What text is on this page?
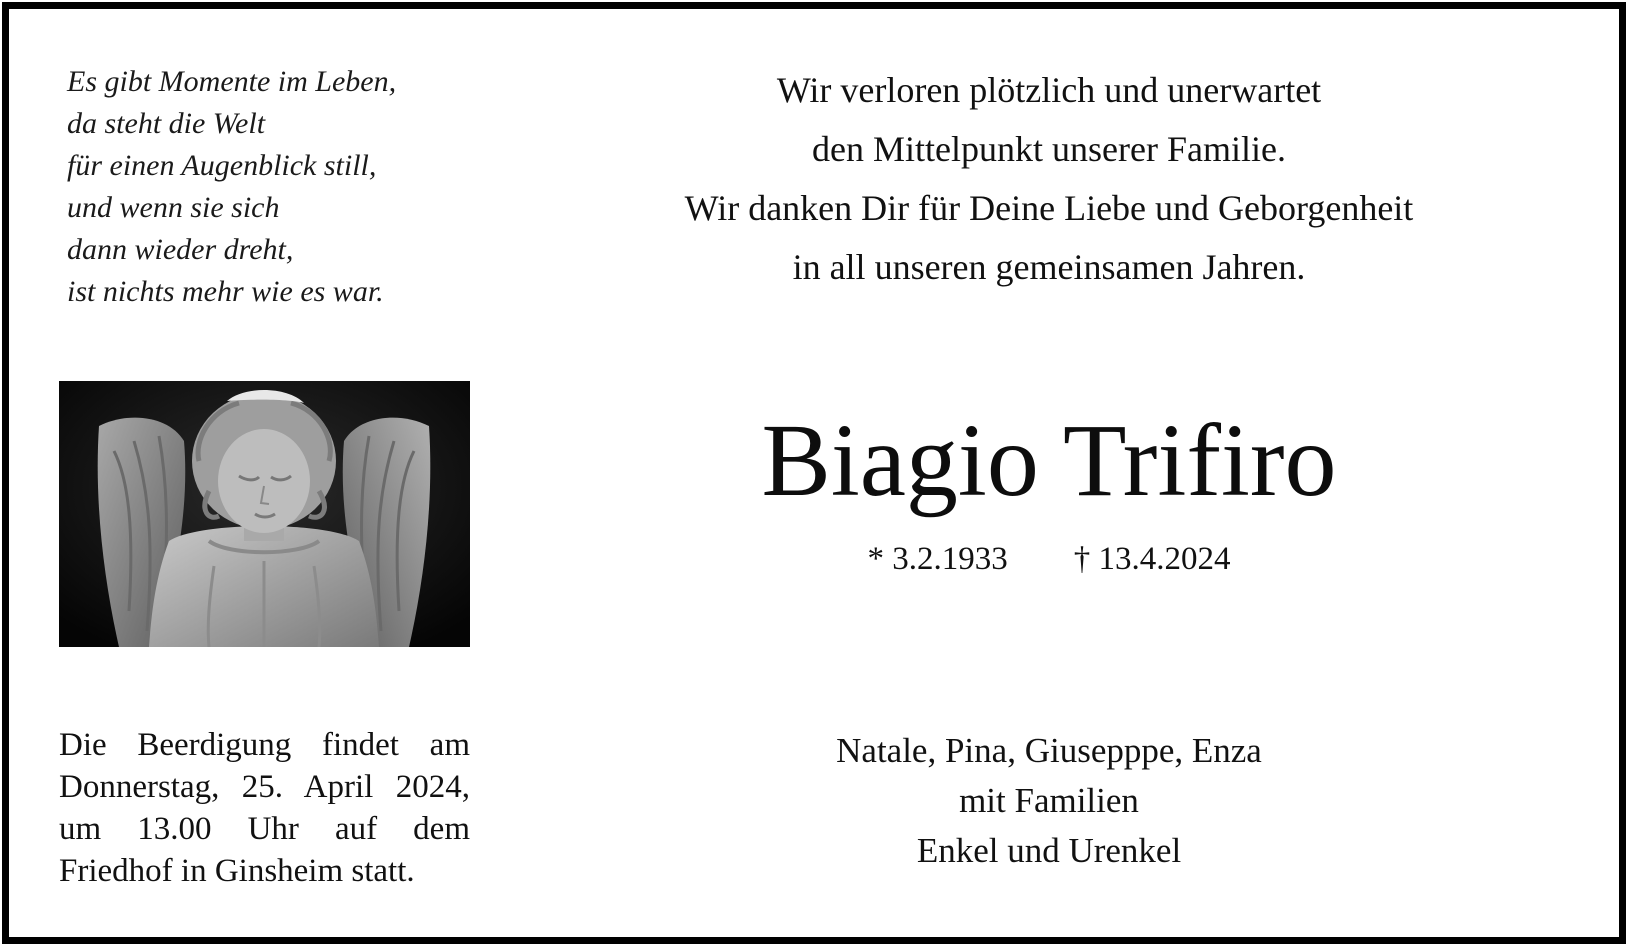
Es gibt Momente im Leben,
da steht die Welt
für einen Augenblick still,
und wenn sie sich
dann wieder dreht,
ist nichts mehr wie es war.
Die Beerdigung findet am Donnerstag, 25. April 2024, um 13.00 Uhr auf dem Friedhof in Ginsheim statt.
Wir verloren plötzlich und unerwartet
den Mittelpunkt unserer Familie.
Wir danken Dir für Deine Liebe und Geborgenheit
in all unseren gemeinsamen Jahren.
Biagio Trifiro
* 3.2.1933 † 13.4.2024
Natale, Pina, Giusepppe, Enza
mit Familien
Enkel und Urenkel
